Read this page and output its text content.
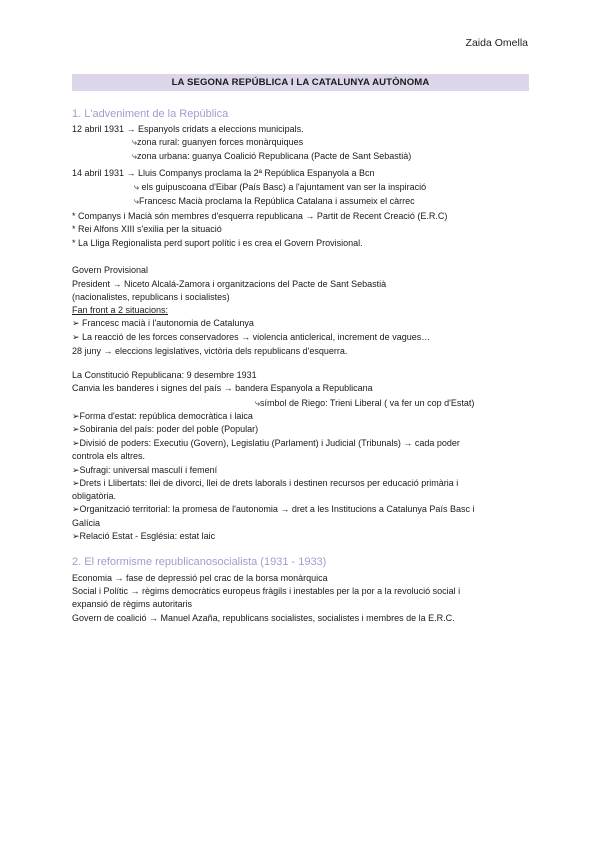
Zaida Omella
LA SEGONA REPÚBLICA I LA CATALUNYA AUTÒNOMA
1. L'adveniment de la República
12 abril 1931 → Espanyols cridats a eleccions municipals.
⤷zona rural: guanyen forces monàrquiques
⤷zona urbana: guanya Coalició Republicana (Pacte de Sant Sebastià)
14 abril 1931 → Lluis Companys proclama la 2ª República Espanyola a Bcn
⤷ els guipuscoana d'Eibar (País Basc) a l'ajuntament van ser la inspiració
⤷Francesc Macià proclama la República Catalana i assumeix el càrrec
* Companys i Macià són membres d'esquerra republicana → Partit de Recent Creació (E.R.C)
* Rei Alfons XIII s'exilia per la situació
* La Lliga Regionalista perd suport polític i es crea el Govern Provisional.
Govern Provisional
President → Niceto Alcalá-Zamora i organitzacions del Pacte de Sant Sebastià
(nacionalistes, republicans i socialistes)
Fan front a 2 situacions:
➢ Francesc macià i l'autonomia de Catalunya
➢ La reacció de les forces conservadores → violencia anticlerical, increment de vagues…
28 juny → eleccions legislatives, victòria dels republicans d'esquerra.
La Constitució Republicana: 9 desembre 1931
Canvia les banderes i signes del país → bandera Espanyola a Republicana
⤷símbol de Riego: Trieni Liberal ( va fer un cop d'Estat)
➢Forma d'estat: república democràtica i laica
➢Sobirania del país: poder del poble (Popular)
➢Divisió de poders: Executiu (Govern), Legislatiu (Parlament) i Judicial (Tribunals) → cada poder
controla els altres.
➢Sufragi: universal masculí i femení
➢Drets i Llibertats: llei de divorci, llei de drets laborals i destinen recursos per educació primària i
obligatòria.
➢Organització territorial: la promesa de l'autonomia → dret a les Institucions a Catalunya País Basc i
Galícia
➢Relació Estat - Església: estat laic
2. El reformisme republicanosocialista (1931 - 1933)
Economia → fase de depressió pel crac de la borsa monàrquica
Social i Polític → règims democràtics europeus fràgils i inestables per la por a la revolució social i
expansió de règims autoritaris
Govern de coalició → Manuel Azaña, republicans socialistes, socialistes i membres de la E.R.C.
